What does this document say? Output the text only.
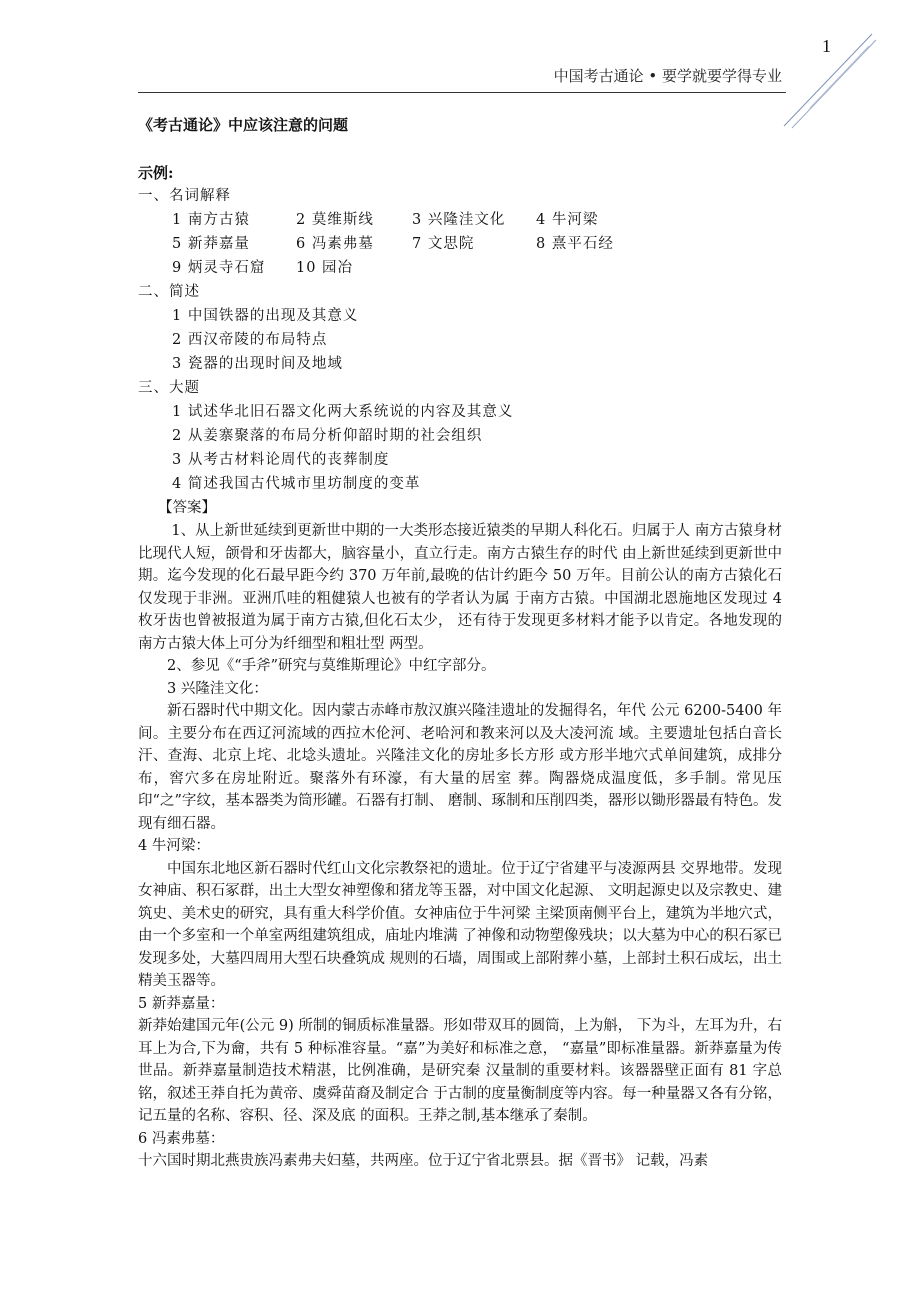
1
中国考古通论 • 要学就要学得专业
《考古通论》中应该注意的问题
示例:
一、名词解释
1 南方古猿	2 莫维斯线	3 兴隆洼文化 4 牛河梁
5 新莽嘉量	6 冯素弗墓	7 文思院	8 熹平石经
9 炳灵寺石窟 10 园冶
二、简述
1 中国铁器的出现及其意义
2 西汉帝陵的布局特点
3 瓷器的出现时间及地域
三、大题
1 试述华北旧石器文化两大系统说的内容及其意义
2 从姜寨聚落的布局分析仰韶时期的社会组织
3 从考古材料论周代的丧葬制度
4 简述我国古代城市里坊制度的变革
【答案】

1、从上新世延续到更新世中期的一大类形态接近猿类的早期人科化石。归属于人 南方古猿身材比现代人短，颌骨和牙齿都大，脑容量小，直立行走。南方古猿生存的时代 由上新世延续到更新世中期。迄今发现的化石最早距今约 370 万年前,最晚的估计约距今 50 万年。目前公认的南方古猿化石仅发现于非洲。亚洲爪哇的粗健猿人也被有的学者认为属 于南方古猿。中国湖北恩施地区发现过 4 枚牙齿也曾被报道为属于南方古猿,但化石太少， 还有待于发现更多材料才能予以肯定。各地发现的南方古猿大体上可分为纤细型和粗壮型 两型。

2、参见《“手斧”研究与莫维斯理论》中红字部分。

3 兴隆洼文化：

新石器时代中期文化。因内蒙古赤峰市敖汉旗兴隆洼遗址的发掘得名，年代 公元 6200-5400 年间。主要分布在西辽河流域的西拉木伦河、老哈河和教来河以及大凌河流 域。主要遗址包括白音长汗、查海、北京上垞、北埝头遗址。兴隆洼文化的房址多长方形 或方形半地穴式单间建筑，成排分布，窖穴多在房址附近。聚落外有环濠，有大量的居室 葬。陶器烧成温度低，多手制。常见压印“之”字纹，基本器类为筒形罐。石器有打制、 磨制、琢制和压削四类，器形以锄形器最有特色。发现有细石器。

4 牛河梁：

中国东北地区新石器时代红山文化宗教祭祀的遗址。位于辽宁省建平与凌源两县 交界地带。发现女神庙、积石冢群，出土大型女神塑像和猪龙等玉器，对中国文化起源、 文明起源史以及宗教史、建筑史、美术史的研究，具有重大科学价值。女神庙位于牛河梁 主梁顶南侧平台上，建筑为半地穴式，由一个多室和一个单室两组建筑组成，庙址内堆满 了神像和动物塑像残块；以大墓为中心的积石冢已发现多处，大墓四周用大型石块叠筑成 规则的石墙，周围或上部附葬小墓，上部封土积石成坛，出土精美玉器等。

5 新莽嘉量：

新莽始建国元年(公元 9) 所制的铜质标准量器。形如带双耳的圆筒，上为斛， 下为斗，左耳为升，右耳上为合,下为龠，共有 5 种标准容量。“嘉”为美好和标准之意， “嘉量”即标准量器。新莽嘉量为传世品。新莽嘉量制造技术精湛，比例准确，是研究秦 汉量制的重要材料。该器器壁正面有 81 字总铭，叙述王莽自托为黄帝、虞舜苗裔及制定合 于古制的度量衡制度等内容。每一种量器又各有分铭，记五量的名称、容积、径、深及底 的面积。王莽之制,基本继承了秦制。

6 冯素弗墓：

十六国时期北燕贵族冯素弗夫妇墓，共两座。位于辽宁省北票县。据《晋书》 记载，冯素
